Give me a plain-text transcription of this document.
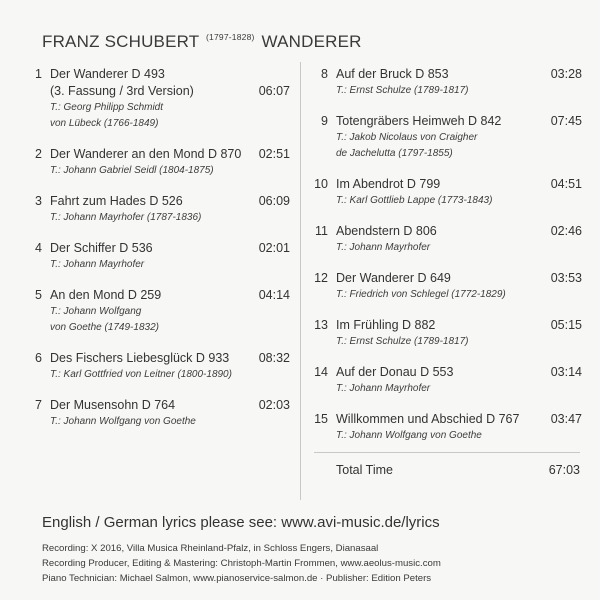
FRANZ SCHUBERT $^{(1797-1828)}$ WANDERER
1 Der Wanderer D 493
(3. Fassung / 3rd Version)	06:07
T.: Georg Philipp Schmidt
von Lübeck (1766-1849)
2 Der Wanderer an den Mond D 870	02:51
T.: Johann Gabriel Seidl (1804-1875)
3 Fahrt zum Hades D 526	06:09
T.: Johann Mayrhofer (1787-1836)
4 Der Schiffer D 536	02:01
T.: Johann Mayrhofer
5 An den Mond D 259	04:14
T.: Johann Wolfgang
von Goethe (1749-1832)
6 Des Fischers Liebesglück D 933	08:32
T.: Karl Gottfried von Leitner (1800-1890)
7 Der Musensohn D 764	02:03
T.: Johann Wolfgang von Goethe
8 Auf der Bruck D 853	03:28
T.: Ernst Schulze (1789-1817)
9 Totengräbers Heimweh D 842	07:45
T.: Jakob Nicolaus von Craigher
de Jachelutta (1797-1855)
10 Im Abendrot D 799	04:51
T.: Karl Gottlieb Lappe (1773-1843)
11 Abendstern D 806	02:46
T.: Johann Mayrhofer
12 Der Wanderer D 649	03:53
T.: Friedrich von Schlegel (1772-1829)
13 Im Frühling D 882	05:15
T.: Ernst Schulze (1789-1817)
14 Auf der Donau D 553	03:14
T.: Johann Mayrhofer
15 Willkommen und Abschied D 767	03:47
T.: Johann Wolfgang von Goethe
Total Time	67:03
English / German lyrics please see: www.avi-music.de/lyrics
Recording: X 2016, Villa Musica Rheinland-Pfalz, in Schloss Engers, Dianasaal
Recording Producer, Editing & Mastering: Christoph-Martin Frommen, www.aeolus-music.com
Piano Technician: Michael Salmon, www.pianoservice-salmon.de · Publisher: Edition Peters
